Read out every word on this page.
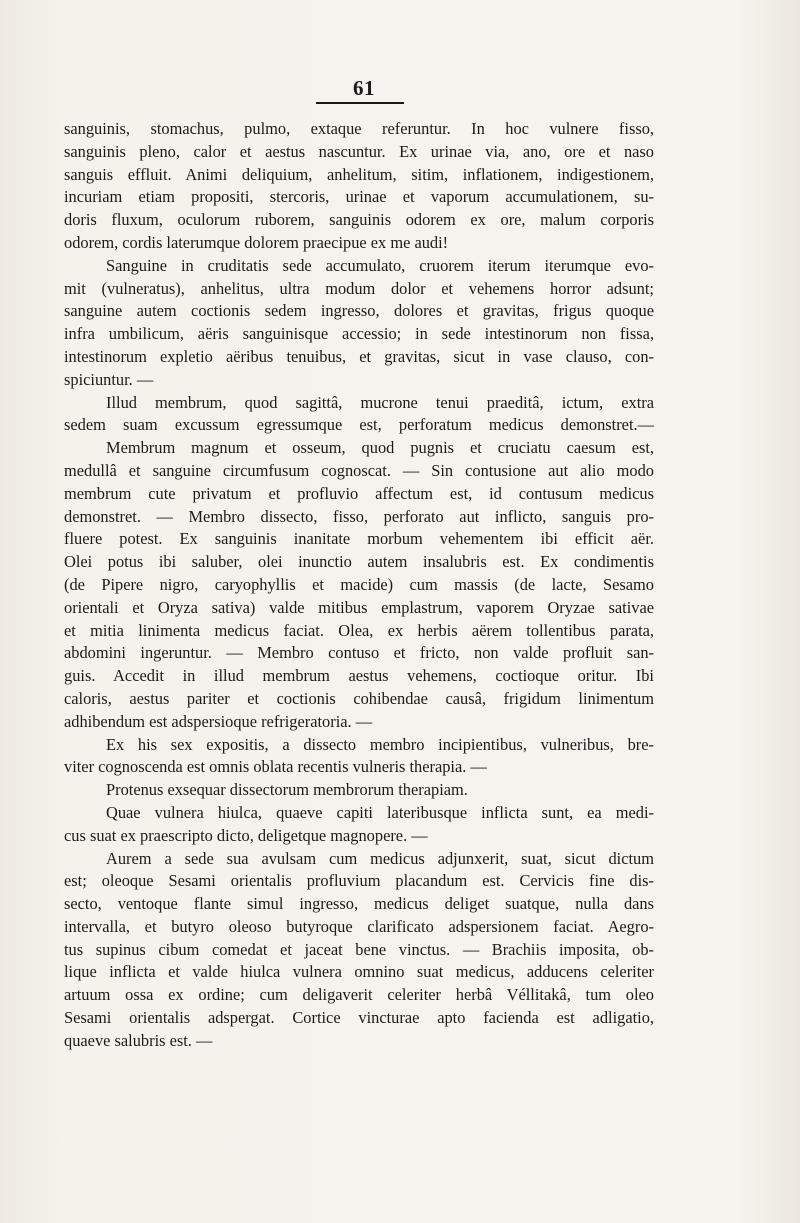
61
sanguinis, stomachus, pulmo, extaque referuntur. In hoc vulnere fisso,
sanguinis pleno, calor et aestus nascuntur. Ex urinae via, ano, ore et naso
sanguis effluit. Animi deliquium, anhelitum, sitim, inflationem, indigestionem,
incuriam etiam propositi, stercoris, urinae et vaporum accumulationem, su-
doris fluxum, oculorum ruborem, sanguinis odorem ex ore, malum corporis
odorem, cordis laterumque dolorem praecipue ex me audi!
Sanguine in cruditatis sede accumulato, cruorem iterum iterumque evo-
mit (vulneratus), anhelitus, ultra modum dolor et vehemens horror adsunt;
sanguine autem coctionis sedem ingresso, dolores et gravitas, frigus quoque
infra umbilicum, aëris sanguinisque accessio; in sede intestinorum non fissa,
intestinorum expletio aëribus tenuibus, et gravitas, sicut in vase clauso, con-
spiciuntur. —
Illud membrum, quod sagittâ, mucrone tenui praeditâ, ictum, extra
sedem suam excussum egressumque est, perforatum medicus demonstret.—
Membrum magnum et osseum, quod pugnis et cruciatu caesum est,
medullâ et sanguine circumfusum cognoscat. — Sin contusione aut alio modo
membrum cute privatum et profluvio affectum est, id contusum medicus
demonstret. — Membro dissecto, fisso, perforato aut inflicto, sanguis pro-
fluere potest. Ex sanguinis inanitate morbum vehementem ibi efficit aër.
Olei potus ibi saluber, olei inunctio autem insalubris est. Ex condimentis
(de Pipere nigro, caryophyllis et macide) cum massis (de lacte, Sesamo
orientali et Oryza sativa) valde mitibus emplastrum, vaporem Oryzae sativae
et mitia linimenta medicus faciat. Olea, ex herbis aërem tollentibus parata,
abdomini ingeruntur. — Membro contuso et fricto, non valde profluit san-
guis. Accedit in illud membrum aestus vehemens, coctioque oritur. Ibi
caloris, aestus pariter et coctionis cohibendae causâ, frigidum linimentum
adhibendum est adspersioque refrigeratoria. —
Ex his sex expositis, a dissecto membro incipientibus, vulneribus, bre-
viter cognoscenda est omnis oblata recentis vulneris therapia. —
Protenus exsequar dissectorum membrorum therapiam.
Quae vulnera hiulca, quaeve capiti lateribusque inflicta sunt, ea medi-
cus suat ex praescripto dicto, deligetque magnopere. —
Aurem a sede sua avulsam cum medicus adjunxerit, suat, sicut dictum
est; oleoque Sesami orientalis profluvium placandum est. Cervicis fine dis-
secto, ventoque flante simul ingresso, medicus deliget suatque, nulla dans
intervalla, et butyro oleoso butyroque clarificato adspersionem faciat. Aegro-
tus supinus cibum comedat et jaceat bene vinctus. — Brachiis imposita, ob-
lique inflicta et valde hiulca vulnera omnino suat medicus, adducens celeriter
artuum ossa ex ordine; cum deligaverit celeriter herbâ Véllitakâ, tum oleo
Sesami orientalis adspergat. Cortice vincturae apto facienda est adligatio,
quaeve salubris est. —
